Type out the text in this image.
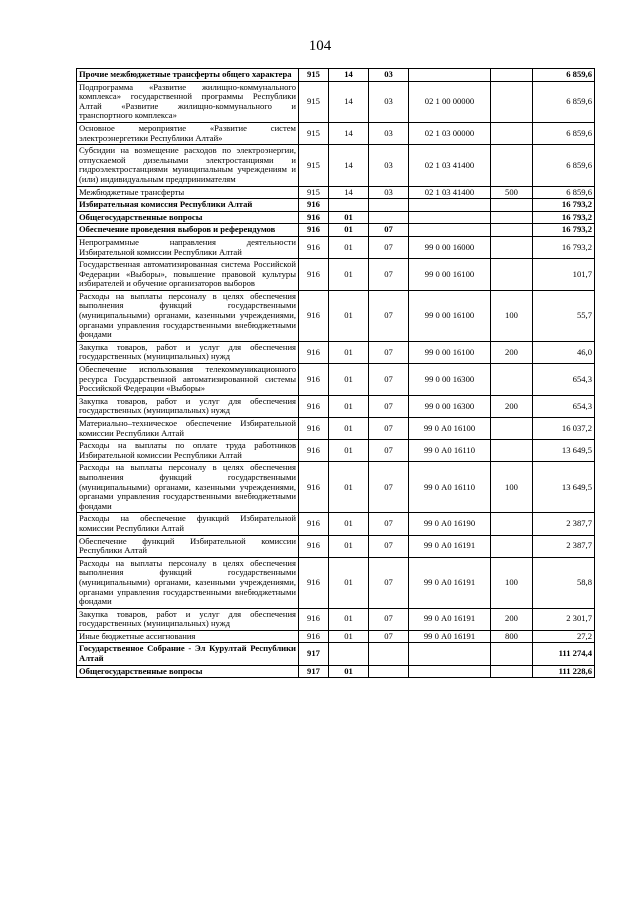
104
Прочие межбюджетные трансферты общего характера	915	14	03			6 859,6
Подпрограмма «Развитие жилищно-коммунального комплекса» государственной программы Республики Алтай «Развитие жилищно-коммунального и транспортного комплекса»	915	14	03	02 1 00 00000		6 859,6
Основное мероприятие «Развитие систем электроэнергетики Республики Алтай»	915	14	03	02 1 03 00000		6 859,6
Субсидии на возмещение расходов по электроэнергии, отпускаемой дизельными электростанциями и гидроэлектростанциями муниципальным учреждениям и (или) индивидуальным предпринимателям	915	14	03	02 1 03 41400		6 859,6
Межбюджетные трансферты	915	14	03	02 1 03 41400	500	6 859,6
Избирательная комиссия Республики Алтай	916					16 793,2
Общегосударственные вопросы	916	01				16 793,2
Обеспечение проведения выборов и референдумов	916	01	07			16 793,2
Непрограммные направления деятельности Избирательной комиссии Республики Алтай	916	01	07	99 0 00 16000		16 793,2
Государственная автоматизированная система Российской Федерации «Выборы», повышение правовой культуры избирателей и обучение организаторов выборов	916	01	07	99 0 00 16100		101,7
Расходы на выплаты персоналу в целях обеспечения выполнения функций государственными (муниципальными) органами, казенными учреждениями, органами управления государственными внебюджетными фондами	916	01	07	99 0 00 16100	100	55,7
Закупка товаров, работ и услуг для обеспечения государственных (муниципальных) нужд	916	01	07	99 0 00 16100	200	46,0
Обеспечение использования телекоммуникационного ресурса Государственной автоматизированной системы Российской Федерации «Выборы»	916	01	07	99 0 00 16300		654,3
Закупка товаров, работ и услуг для обеспечения государственных (муниципальных) нужд	916	01	07	99 0 00 16300	200	654,3
Материально–техническое обеспечение Избирательной комиссии Республики Алтай	916	01	07	99 0 А0 16100		16 037,2
Расходы на выплаты по оплате труда работников Избирательной комиссии Республики Алтай	916	01	07	99 0 А0 16110		13 649,5
Расходы на выплаты персоналу в целях обеспечения выполнения функций государственными (муниципальными) органами, казенными учреждениями, органами управления государственными внебюджетными фондами	916	01	07	99 0 А0 16110	100	13 649,5
Расходы на обеспечение функций Избирательной комиссии Республики Алтай	916	01	07	99 0 А0 16190		2 387,7
Обеспечение функций Избирательной комиссии Республики Алтай	916	01	07	99 0 А0 16191		2 387,7
Расходы на выплаты персоналу в целях обеспечения выполнения функций государственными (муниципальными) органами, казенными учреждениями, органами управления государственными внебюджетными фондами	916	01	07	99 0 А0 16191	100	58,8
Закупка товаров, работ и услуг для обеспечения государственных (муниципальных) нужд	916	01	07	99 0 А0 16191	200	2 301,7
Иные бюджетные ассигнования	916	01	07	99 0 А0 16191	800	27,2
Государственное Собрание - Эл Курултай Республики Алтай	917					111 274,4
Общегосударственные вопросы	917	01				111 228,6
